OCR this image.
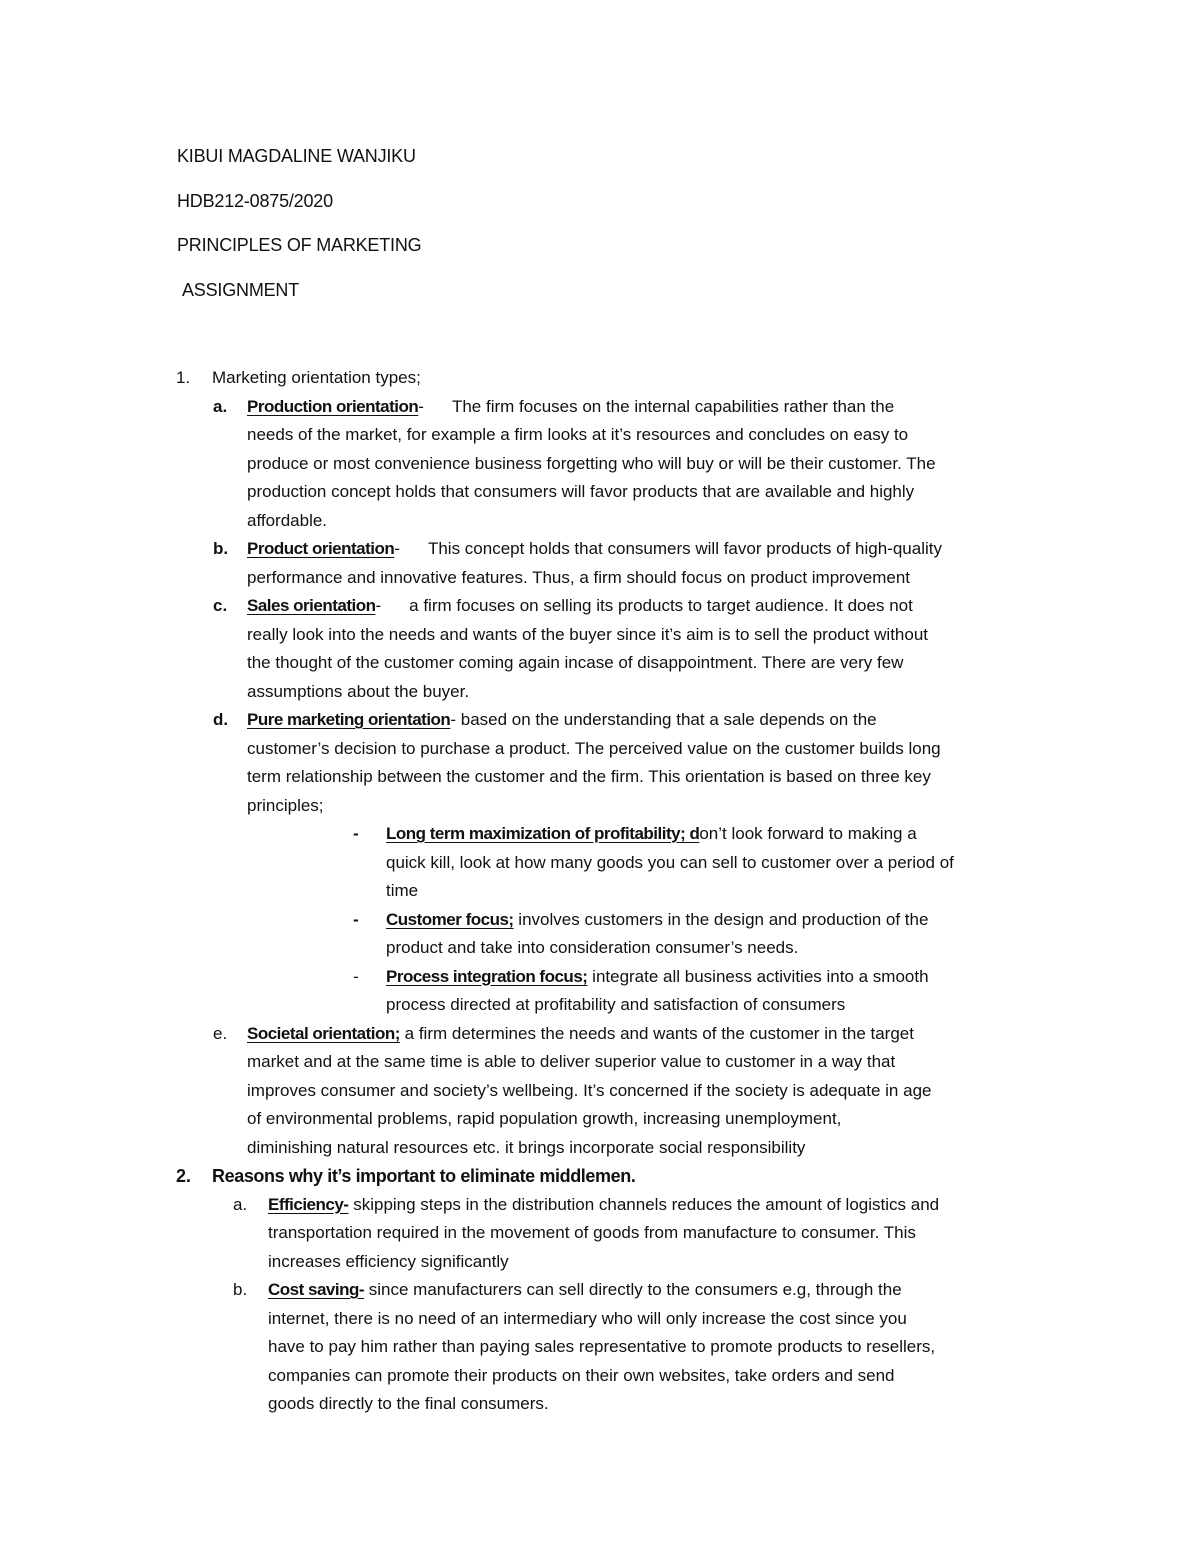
KIBUI MAGDALINE WANJIKU
HDB212-0875/2020
PRINCIPLES OF MARKETING
ASSIGNMENT
1. Marketing orientation types;
a. Production orientation- The firm focuses on the internal capabilities rather than the
needs of the market, for example a firm looks at it’s resources and concludes on easy to
produce or most convenience business forgetting who will buy or will be their customer. The
production concept holds that consumers will favor products that are available and highly
affordable.
b. Product orientation- This concept holds that consumers will favor products of high-quality
performance and innovative features. Thus, a firm should focus on product improvement
c. Sales orientation- a firm focuses on selling its products to target audience. It does not
really look into the needs and wants of the buyer since it’s aim is to sell the product without
the thought of the customer coming again incase of disappointment. There are very few
assumptions about the buyer.
d. Pure marketing orientation- based on the understanding that a sale depends on the
customer’s decision to purchase a product. The perceived value on the customer builds long
term relationship between the customer and the firm. This orientation is based on three key
principles;
- Long term maximization of profitability; don’t look forward to making a
quick kill, look at how many goods you can sell to customer over a period of
time
- Customer focus; involves customers in the design and production of the
product and take into consideration consumer’s needs.
- Process integration focus; integrate all business activities into a smooth
process directed at profitability and satisfaction of consumers
e. Societal orientation; a firm determines the needs and wants of the customer in the target
market and at the same time is able to deliver superior value to customer in a way that
improves consumer and society’s wellbeing. It’s concerned if the society is adequate in age
of environmental problems, rapid population growth, increasing unemployment,
diminishing natural resources etc. it brings incorporate social responsibility
2. Reasons why it’s important to eliminate middlemen.
a. Efficiency- skipping steps in the distribution channels reduces the amount of logistics and
transportation required in the movement of goods from manufacture to consumer. This
increases efficiency significantly
b. Cost saving- since manufacturers can sell directly to the consumers e.g, through the
internet, there is no need of an intermediary who will only increase the cost since you
have to pay him rather than paying sales representative to promote products to resellers,
companies can promote their products on their own websites, take orders and send
goods directly to the final consumers.
